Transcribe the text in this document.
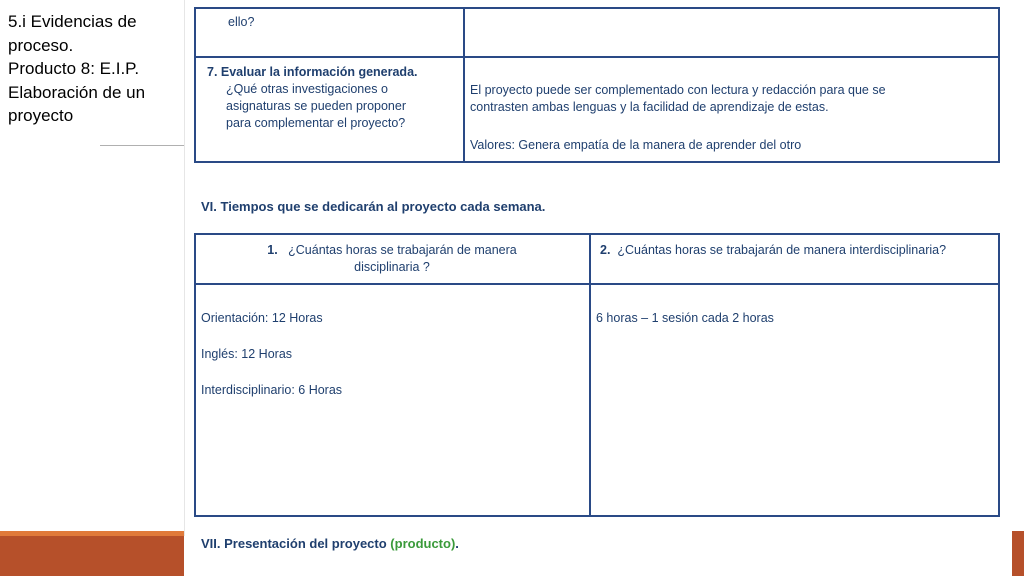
5.i Evidencias de
proceso.
Producto 8: E.I.P.
Elaboración de un
proyecto
ello?
7. Evaluar la información generada.
¿Qué otras investigaciones o
asignaturas se pueden proponer
para complementar el proyecto?
El proyecto puede ser complementado con lectura y redacción para que se
contrasten ambas lenguas y la facilidad de aprendizaje de estas.
Valores: Genera empatía de la manera de aprender del otro
VI. Tiempos que se dedicarán al proyecto cada semana.
1. ¿Cuántas horas se trabajarán de manera
disciplinaria ?
2. ¿Cuántas horas se trabajarán de manera interdisciplinaria?
Orientación: 12 Horas
Inglés: 12 Horas
Interdisciplinario: 6 Horas
6 horas – 1 sesión cada 2 horas
VII. Presentación del proyecto (producto).
